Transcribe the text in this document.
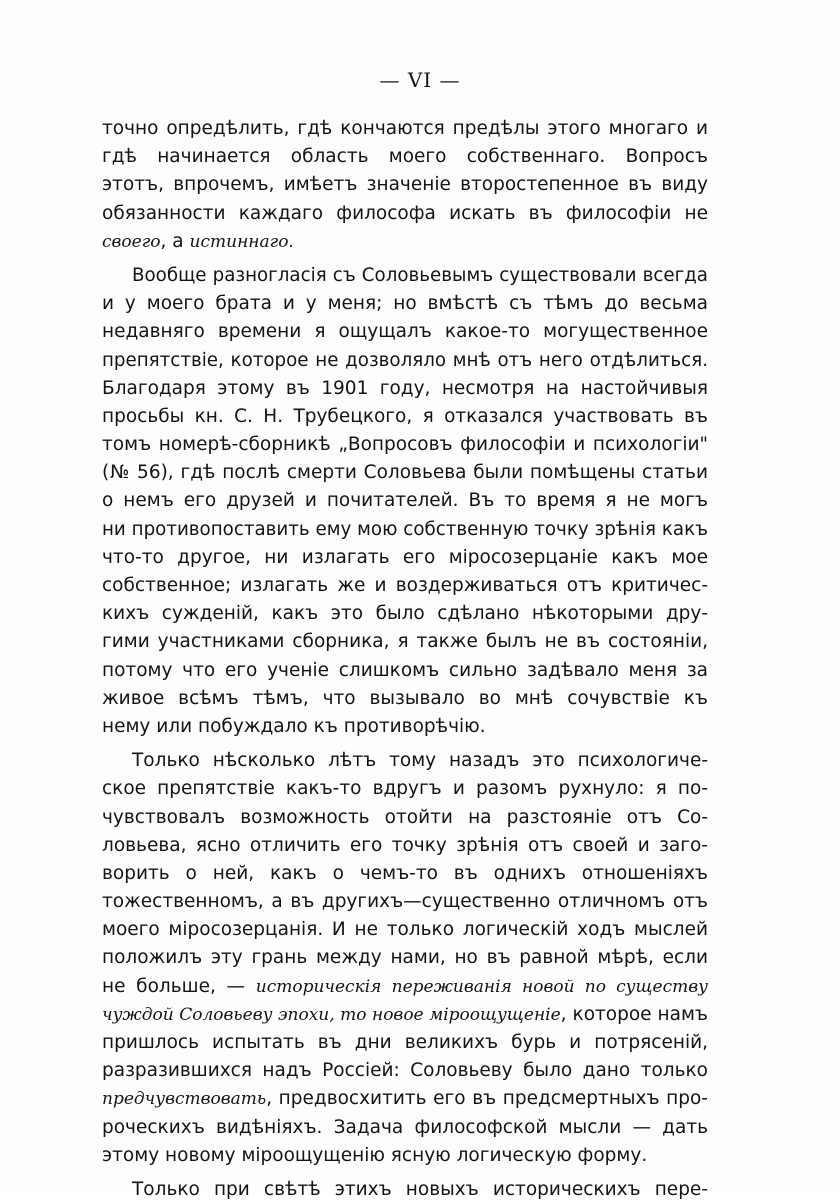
— VI —
точно опредѣлить, гдѣ кончаются предѣлы этого многаго и
гдѣ начинается область моего собственнаго. Вопросъ
этотъ, впрочемъ, имѣетъ значеніе второстепенное въ виду
обязанности каждаго философа искать въ философіи не
своего, а истиннаго.
Вообще разногласія съ Соловьевымъ существовали всегда
и у моего брата и у меня; но вмѣстѣ съ тѣмъ до весьма
недавняго времени я ощущалъ какое-то могущественное
препятствіе, которое не дозволяло мнѣ отъ него отдѣлиться.
Благодаря этому въ 1901 году, несмотря на настойчивыя
просьбы кн. С. Н. Трубецкого, я отказался участвовать въ
томъ номерѣ-сборникѣ „Вопросовъ философіи и психологіи"
(№ 56), гдѣ послѣ смерти Соловьева были помѣщены статьи
о немъ его друзей и почитателей. Въ то время я не могъ
ни противопоставить ему мою собственную точку зрѣнія какъ
что-то другое, ни излагать его міросозерцаніе какъ мое
собственное; излагать же и воздерживаться отъ критичес-
кихъ сужденій, какъ это было сдѣлано нѣкоторыми дру-
гими участниками сборника, я также былъ не въ состояніи,
потому что его ученіе слишкомъ сильно задѣвало меня за
живое всѣмъ тѣмъ, что вызывало во мнѣ сочувствіе къ
нему или побуждало къ противорѣчію.
Только нѣсколько лѣтъ тому назадъ это психологиче-
ское препятствіе какъ-то вдругъ и разомъ рухнуло: я по-
чувствовалъ возможность отойти на разстояніе отъ Со-
ловьева, ясно отличить его точку зрѣнія отъ своей и заго-
ворить о ней, какъ о чемъ-то въ однихъ отношеніяхъ
тожественномъ, а въ другихъ—существенно отличномъ отъ
моего міросозерцанія. И не только логическій ходъ мыслей
положилъ эту грань между нами, но въ равной мѣрѣ, если
не больше, — историческія переживанія новой по существу
чуждой Соловьеву эпохи, то новое міроощущеніе, которое намъ
пришлось испытать въ дни великихъ бурь и потрясеній,
разразившихся надъ Россіей: Соловьеву было дано только
предчувствовать, предвосхитить его въ предсмертныхъ про-
роческихъ видѣніяхъ. Задача философской мысли — дать
этому новому міроощущенію ясную логическую форму.
Только при свѣтѣ этихъ новыхъ историческихъ пере-
